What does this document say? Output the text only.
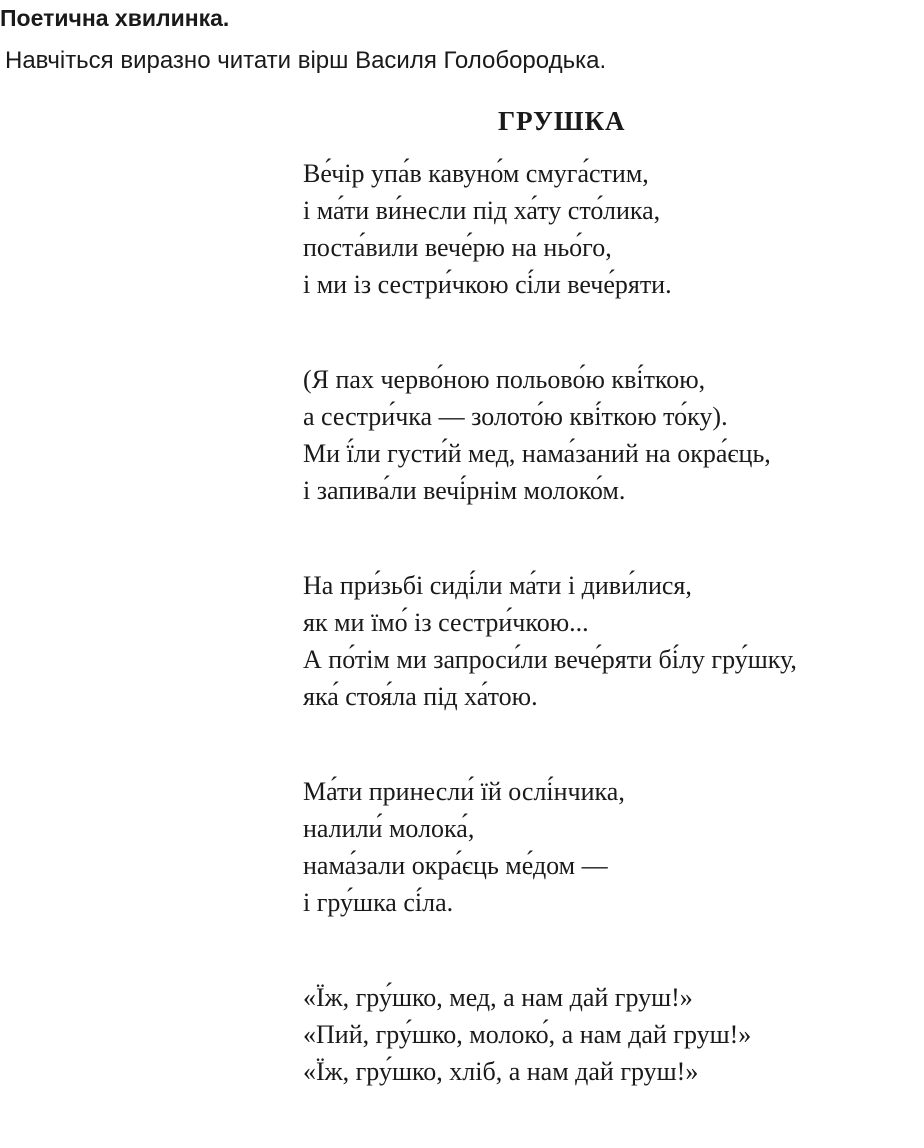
Поетична хвилинка.

Навчіться виразно читати вірш Василя Голобородька.

ГРУШКА
Ве́чір упа́в кавуно́м смуга́стим,
і ма́ти ви́несли під ха́ту сто́лика,
поста́вили вече́рю на ньо́го,
і ми із сестри́чкою сі́ли вече́ряти.
(Я пах черво́ною польово́ю кві́ткою,
а сестри́чка — золото́ю кві́ткою то́ку).
Ми ї́ли густи́й мед, нама́заний на окра́єць,
і запива́ли вечі́рнім молоко́м.
На при́зьбі сиді́ли ма́ти і диви́лися,
як ми їмо́ із сестри́чкою...
А по́тім ми запроси́ли вече́ряти бі́лу гру́шку,
яка́ стоя́ла під ха́тою.
Ма́ти принесли́ їй ослі́нчика,
налили́ молока́,
нама́зали окра́єць ме́дом —
і гру́шка сі́ла.
«Їж, гру́шко, мед, а нам дай груш!»
«Пий, гру́шко, молоко́, а нам дай груш!»
«Їж, гру́шко, хліб, а нам дай груш!»
